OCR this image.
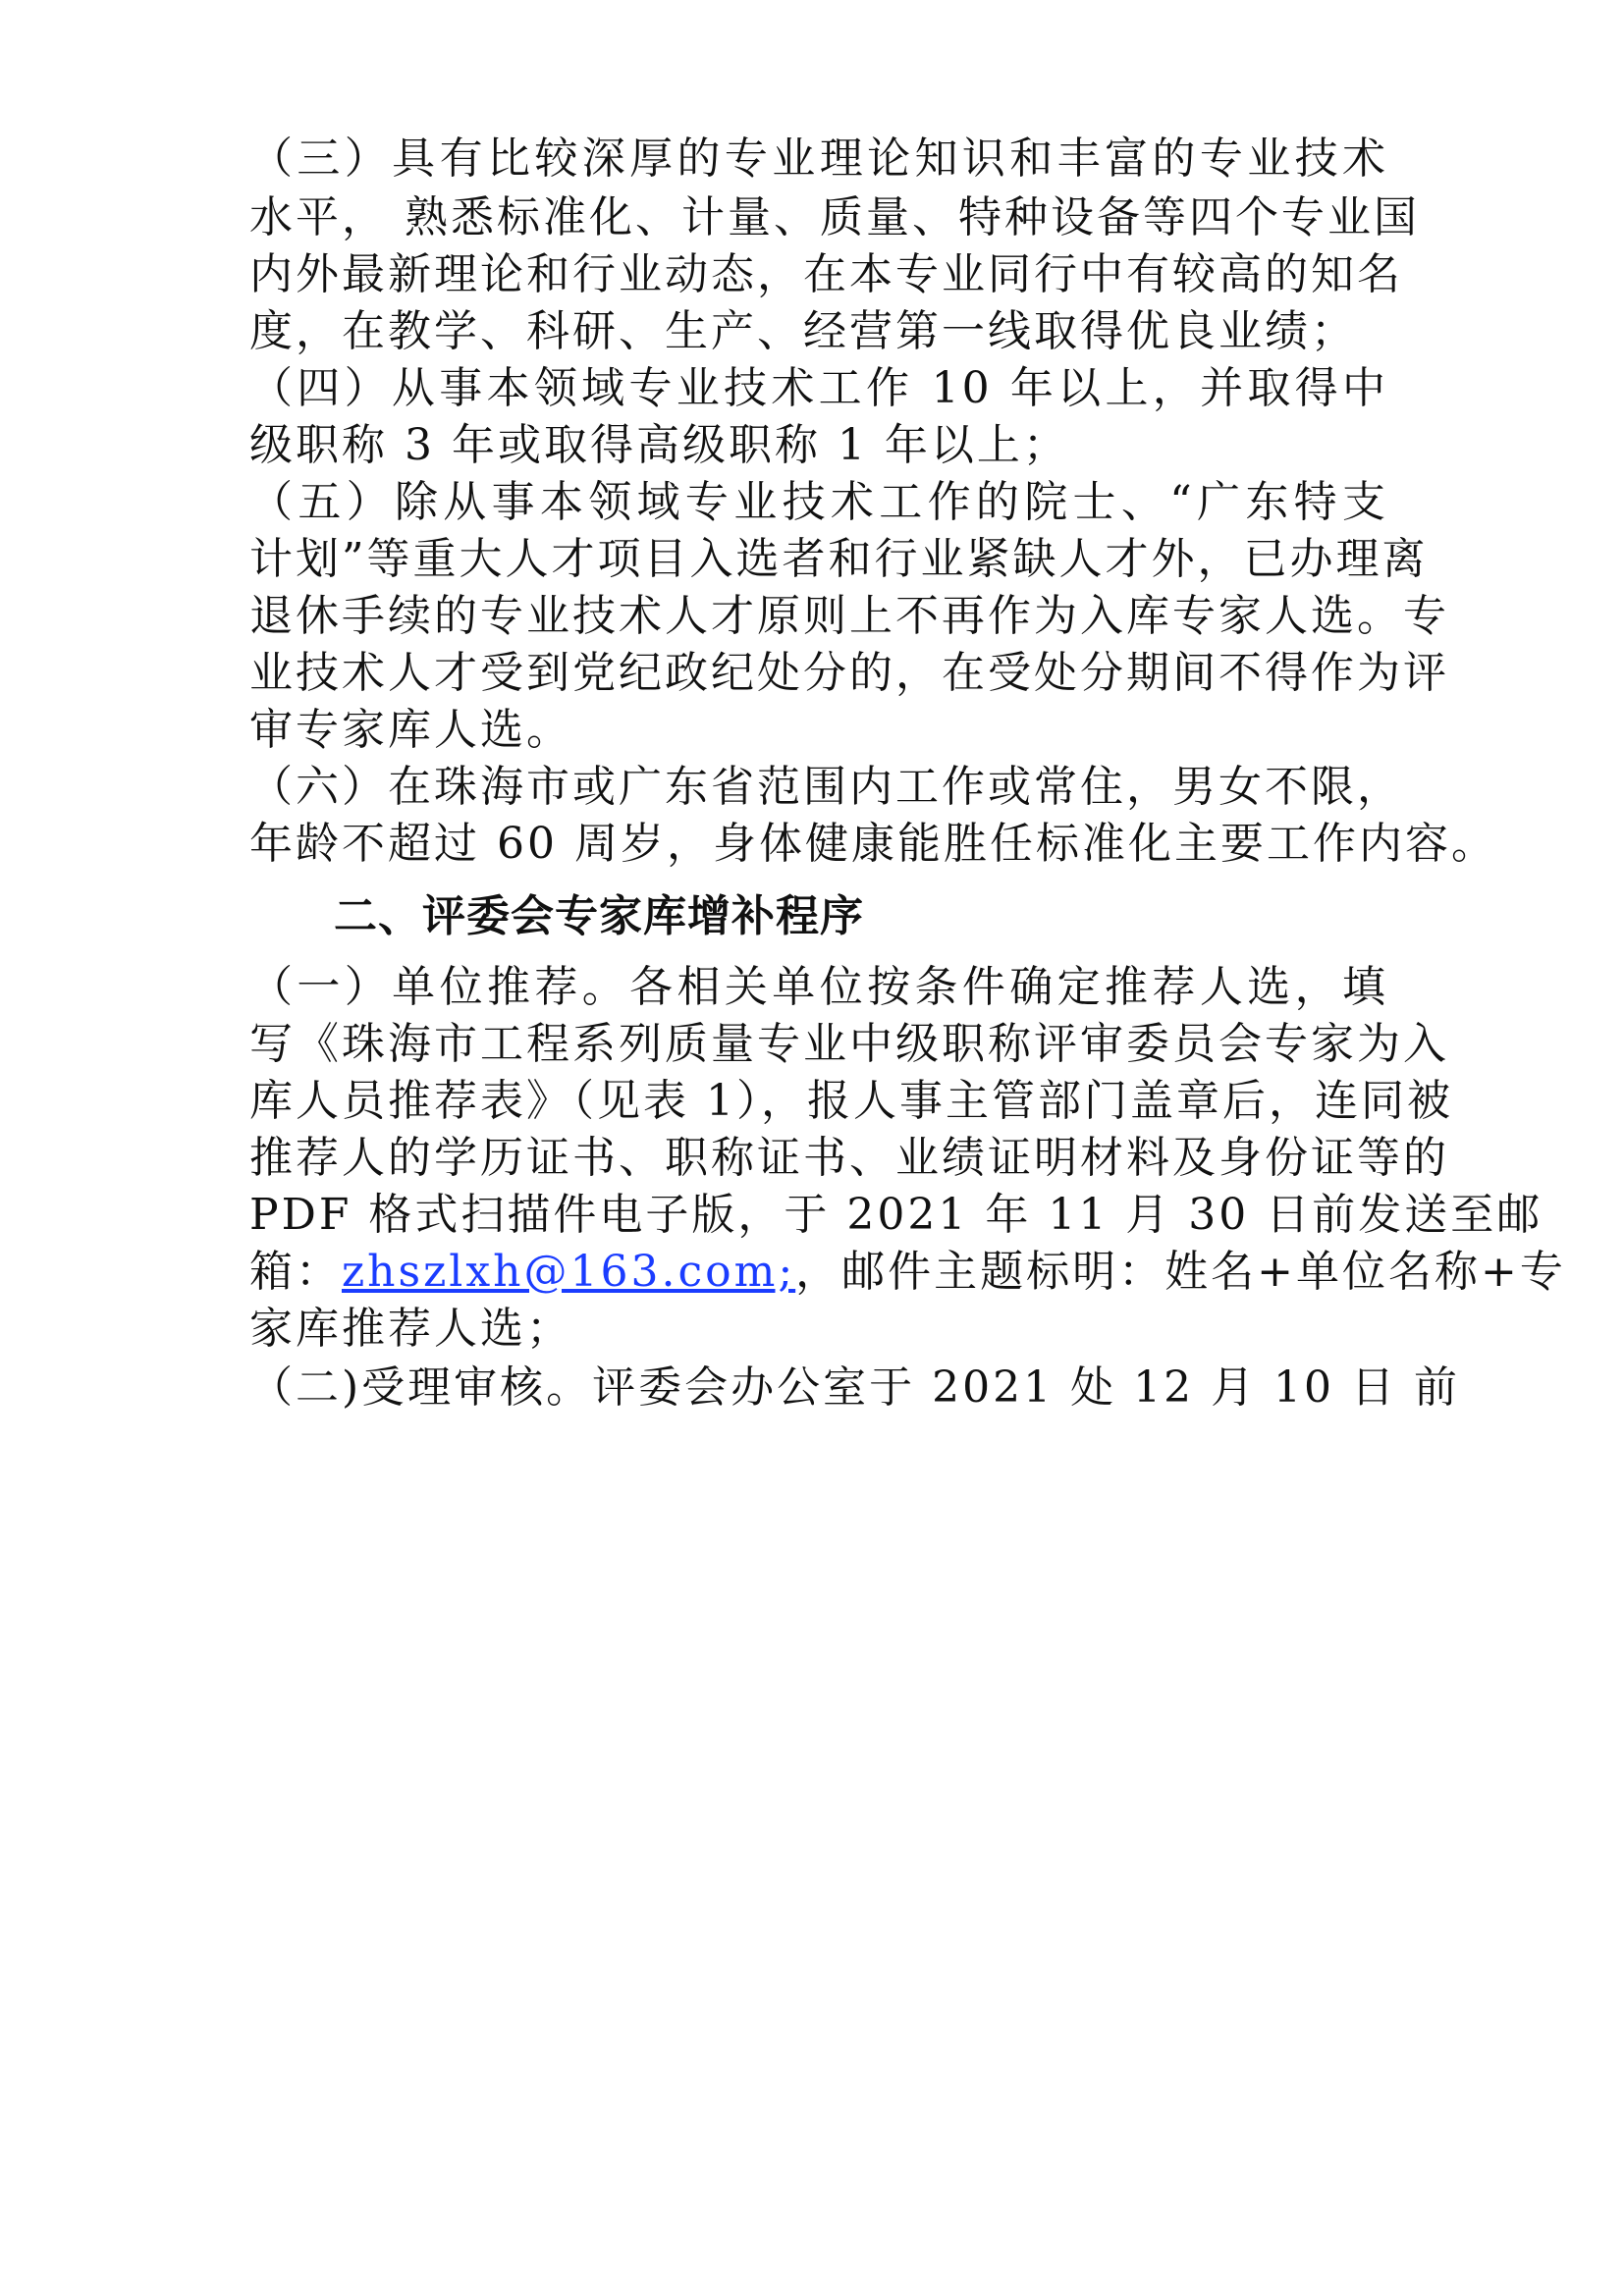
（三）具有比较深厚的专业理论知识和丰富的专业技术
水平， 熟悉标准化、计量、质量、特种设备等四个专业国
内外最新理论和行业动态，在本专业同行中有较高的知名
度，在教学、科研、生产、经营第一线取得优良业绩；
（四）从事本领域专业技术工作 10 年以上，并取得中
级职称 3 年或取得高级职称 1 年以上；
（五）除从事本领域专业技术工作的院士、“广东特支
计划”等重大人才项目入选者和行业紧缺人才外，已办理离
退休手续的专业技术人才原则上不再作为入库专家人选。专
业技术人才受到党纪政纪处分的，在受处分期间不得作为评
审专家库人选。
（六）在珠海市或广东省范围内工作或常住，男女不限，
年龄不超过 60 周岁，身体健康能胜任标准化主要工作内容。
二、评委会专家库增补程序
（一）单位推荐。各相关单位按条件确定推荐人选，填
写《珠海市工程系列质量专业中级职称评审委员会专家为入
库人员推荐表》（见表 1），报人事主管部门盖章后，连同被
推荐人的学历证书、职称证书、业绩证明材料及身份证等的
PDF 格式扫描件电子版，于 2021 年 11 月 30 日前发送至邮
箱：zhszlxh@163.com;，邮件主题标明：姓名+单位名称+专
家库推荐人选；
（二)受理审核。评委会办公室于 2021 处 12 月 10 日 前
